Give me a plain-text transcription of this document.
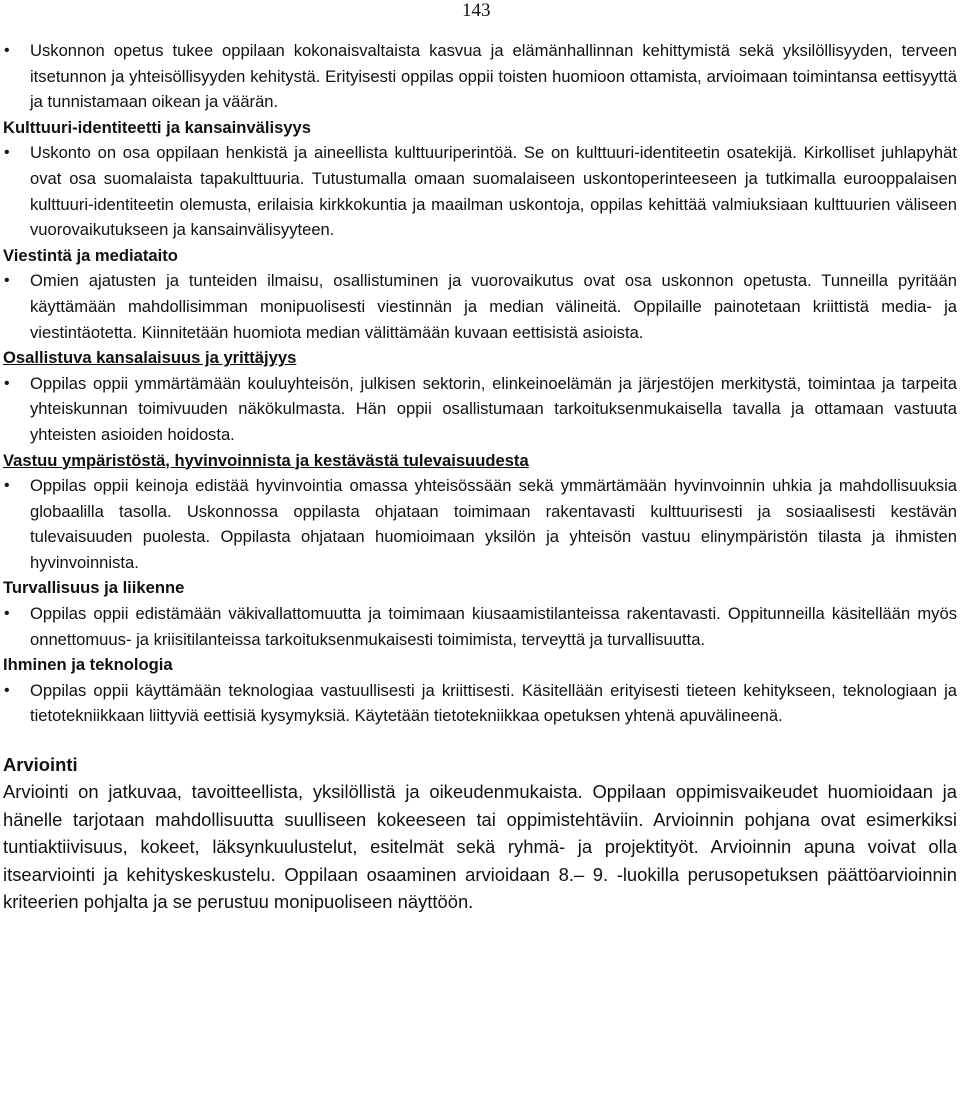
143
• Uskonnon opetus tukee oppilaan kokonaisvaltaista kasvua ja elämänhallinnan kehittymistä sekä yksilöllisyyden, terveen itsetunnon ja yhteisöllisyyden kehitystä. Erityisesti oppilas oppii toisten huomioon ottamista, arvioimaan toimintansa eettisyyttä ja tunnistamaan oikean ja väärän.
Kulttuuri-identiteetti ja kansainvälisyys
• Uskonto on osa oppilaan henkistä ja aineellista kulttuuriperintöä. Se on kulttuuri-identiteetin osatekijä. Kirkolliset juhlapyhät ovat osa suomalaista tapakulttuuria. Tutustumalla omaan suomalaiseen uskontoperinteeseen ja tutkimalla eurooppalaisen kulttuuri-identiteetin olemusta, erilaisia kirkkokuntia ja maailman uskontoja, oppilas kehittää valmiuksiaan kulttuurien väliseen vuorovaikutukseen ja kansainvälisyyteen.
Viestintä ja mediataito
• Omien ajatusten ja tunteiden ilmaisu, osallistuminen ja vuorovaikutus ovat osa uskonnon opetusta. Tunneilla pyritään käyttämään mahdollisimman monipuolisesti viestinnän ja median välineitä. Oppilaille painotetaan kriittistä media- ja viestintäotetta. Kiinnitetään huomiota median välittämään kuvaan eettisistä asioista.
Osallistuva kansalaisuus ja yrittäjyys
• Oppilas oppii ymmärtämään kouluyhteisön, julkisen sektorin, elinkeinoelämän ja järjestöjen merkitystä, toimintaa ja tarpeita yhteiskunnan toimivuuden näkökulmasta. Hän oppii osallistumaan tarkoituksenmukaisella tavalla ja ottamaan vastuuta yhteisten asioiden hoidosta.
Vastuu ympäristöstä, hyvinvoinnista ja kestävästä tulevaisuudesta
• Oppilas oppii keinoja edistää hyvinvointia omassa yhteisössään sekä ymmärtämään hyvinvoinnin uhkia ja mahdollisuuksia globaalilla tasolla. Uskonnossa oppilasta ohjataan toimimaan rakentavasti kulttuurisesti ja sosiaalisesti kestävän tulevaisuuden puolesta. Oppilasta ohjataan huomioimaan yksilön ja yhteisön vastuu elinympäristön tilasta ja ihmisten hyvinvoinnista.
Turvallisuus ja liikenne
• Oppilas oppii edistämään väkivallattomuutta ja toimimaan kiusaamistilanteissa rakentavasti. Oppitunneilla käsitellään myös onnettomuus- ja kriisitilanteissa tarkoituksenmukaisesti toimimista, terveyttä ja turvallisuutta.
Ihminen ja teknologia
• Oppilas oppii käyttämään teknologiaa vastuullisesti ja kriittisesti. Käsitellään erityisesti tieteen kehitykseen, teknologiaan ja tietotekniikkaan liittyviä eettisiä kysymyksiä. Käytetään tietotekniikkaa opetuksen yhtenä apuvälineenä.
Arviointi
Arviointi on jatkuvaa, tavoitteellista, yksilöllistä ja oikeudenmukaista. Oppilaan oppimisvaikeudet huomioidaan ja hänelle tarjotaan mahdollisuutta suulliseen kokeeseen tai oppimistehtäviin. Arvioinnin pohjana ovat esimerkiksi tuntiaktiivisuus, kokeet, läksynkuulustelut, esitelmät sekä ryhmä- ja projektityöt. Arvioinnin apuna voivat olla itsearviointi ja kehityskeskustelu. Oppilaan osaaminen arvioidaan 8.– 9. -luokilla perusopetuksen päättöarvioinnin kriteerien pohjalta ja se perustuu monipuoliseen näyttöön.
